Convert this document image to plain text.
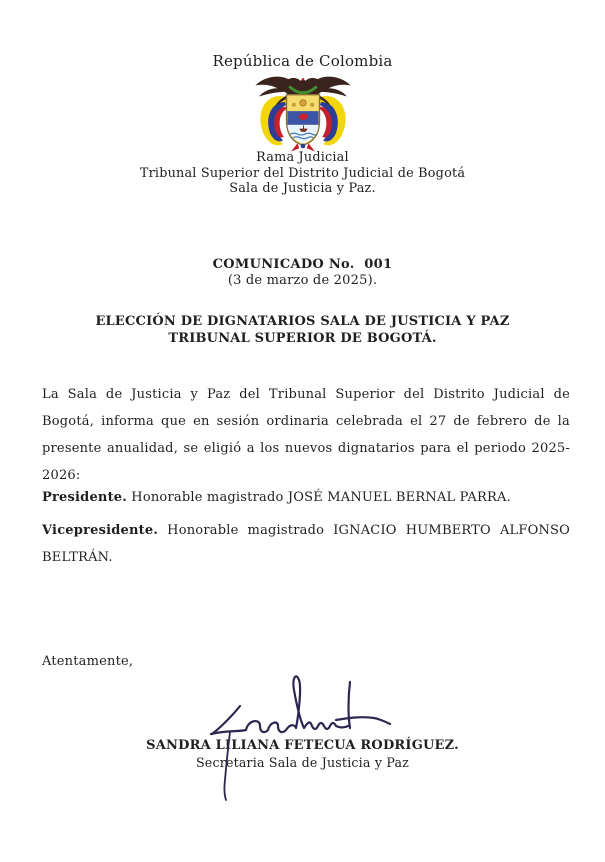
República de Colombia
Rama Judicial
Tribunal Superior del Distrito Judicial de Bogotá
Sala de Justicia y Paz.
COMUNICADO No.  001
(3 de marzo de 2025).
ELECCIÓN DE DIGNATARIOS SALA DE JUSTICIA Y PAZ
TRIBUNAL SUPERIOR DE BOGOTÁ.
La Sala de Justicia y Paz del Tribunal Superior del Distrito Judicial de Bogotá, informa que en sesión ordinaria celebrada el 27 de febrero de la presente anualidad, se eligió a los nuevos dignatarios para el periodo 2025-2026:
Presidente. Honorable magistrado JOSÉ MANUEL BERNAL PARRA.
Vicepresidente. Honorable magistrado IGNACIO HUMBERTO ALFONSO BELTRÁN.
Atentamente,
SANDRA LILIANA FETECUA RODRÍGUEZ.
Secretaria Sala de Justicia y Paz
